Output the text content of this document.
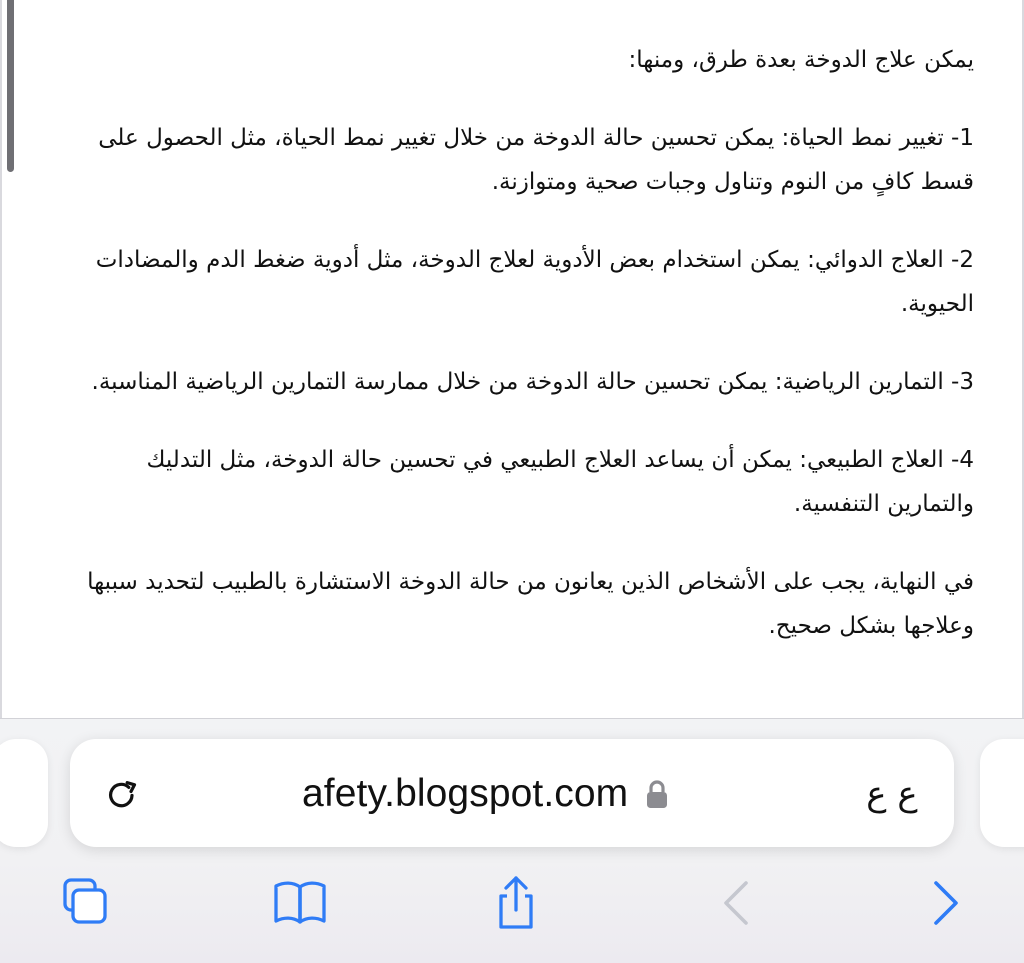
يمكن علاج الدوخة بعدة طرق، ومنها:

1- تغيير نمط الحياة: يمكن تحسين حالة الدوخة من خلال تغيير نمط الحياة، مثل الحصول على قسط كافٍ من النوم وتناول وجبات صحية ومتوازنة.

2- العلاج الدوائي: يمكن استخدام بعض الأدوية لعلاج الدوخة، مثل أدوية ضغط الدم والمضادات الحيوية.

3- التمارين الرياضية: يمكن تحسين حالة الدوخة من خلال ممارسة التمارين الرياضية المناسبة.

4- العلاج الطبيعي: يمكن أن يساعد العلاج الطبيعي في تحسين حالة الدوخة، مثل التدليك والتمارين التنفسية.

في النهاية، يجب على الأشخاص الذين يعانون من حالة الدوخة الاستشارة بالطبيب لتحديد سببها وعلاجها بشكل صحيح.

afety.blogspot.com	ع ع
